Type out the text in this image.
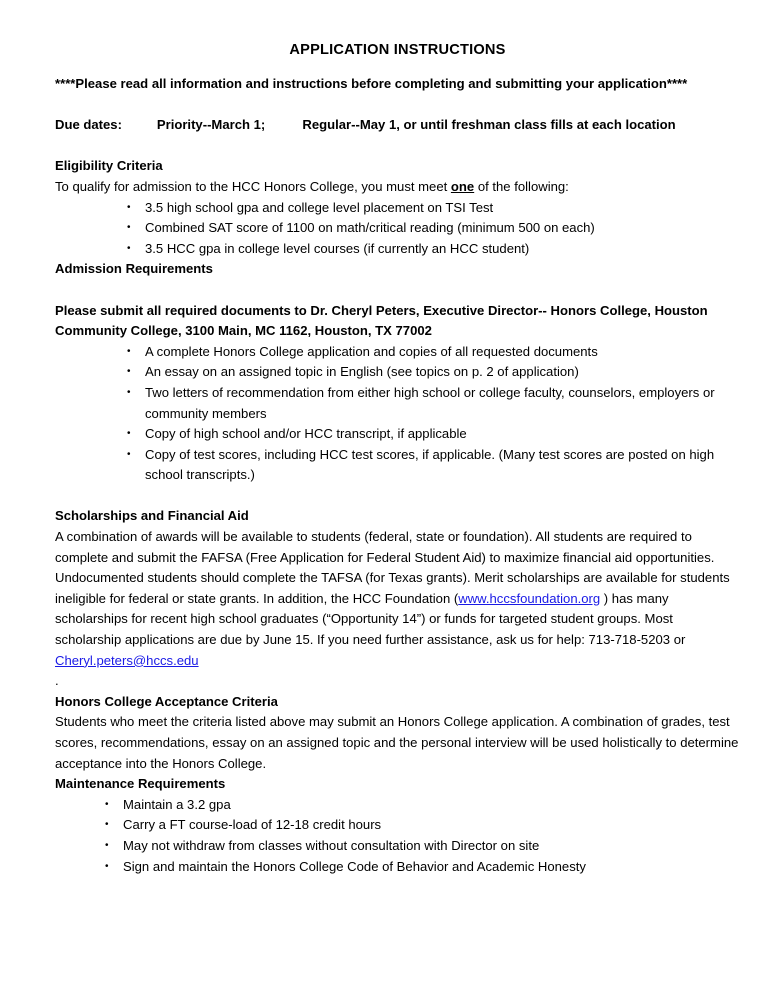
APPLICATION INSTRUCTIONS

****Please read all information and instructions before completing and submitting your application****

Due dates:		Priority--March 1;		Regular--May 1, or until freshman class fills at each location

Eligibility Criteria

To qualify for admission to the HCC Honors College, you must meet one of the following:

• 3.5 high school gpa and college level placement on TSI Test
• Combined SAT score of 1100 on math/critical reading (minimum 500 on each)
• 3.5 HCC gpa in college level courses (if currently an HCC student)

Admission Requirements

Please submit all required documents to Dr. Cheryl Peters, Executive Director-- Honors College, Houston Community College, 3100 Main, MC 1162, Houston, TX 77002

• A complete Honors College application and copies of all requested documents
• An essay on an assigned topic in English (see topics on p. 2 of application)
• Two letters of recommendation from either high school or college faculty, counselors, employers or community members
• Copy of high school and/or HCC transcript, if applicable
• Copy of test scores, including HCC test scores, if applicable. (Many test scores are posted on high school transcripts.)

Scholarships and Financial Aid

A combination of awards will be available to students (federal, state or foundation). All students are required to complete and submit the FAFSA (Free Application for Federal Student Aid) to maximize financial aid opportunities. Undocumented students should complete the TAFSA (for Texas grants). Merit scholarships are available for students ineligible for federal or state grants. In addition, the HCC Foundation (www.hccsfoundation.org ) has many scholarships for recent high school graduates (“Opportunity 14”) or funds for targeted student groups. Most scholarship applications are due by June 15. If you need further assistance, ask us for help: 713-718-5203 or Cheryl.peters@hccs.edu

.

Honors College Acceptance Criteria

Students who meet the criteria listed above may submit an Honors College application. A combination of grades, test scores, recommendations, essay on an assigned topic and the personal interview will be used holistically to determine acceptance into the Honors College.

Maintenance Requirements

• Maintain a 3.2 gpa
• Carry a FT course-load of 12-18 credit hours
• May not withdraw from classes without consultation with Director on site
• Sign and maintain the Honors College Code of Behavior and Academic Honesty
